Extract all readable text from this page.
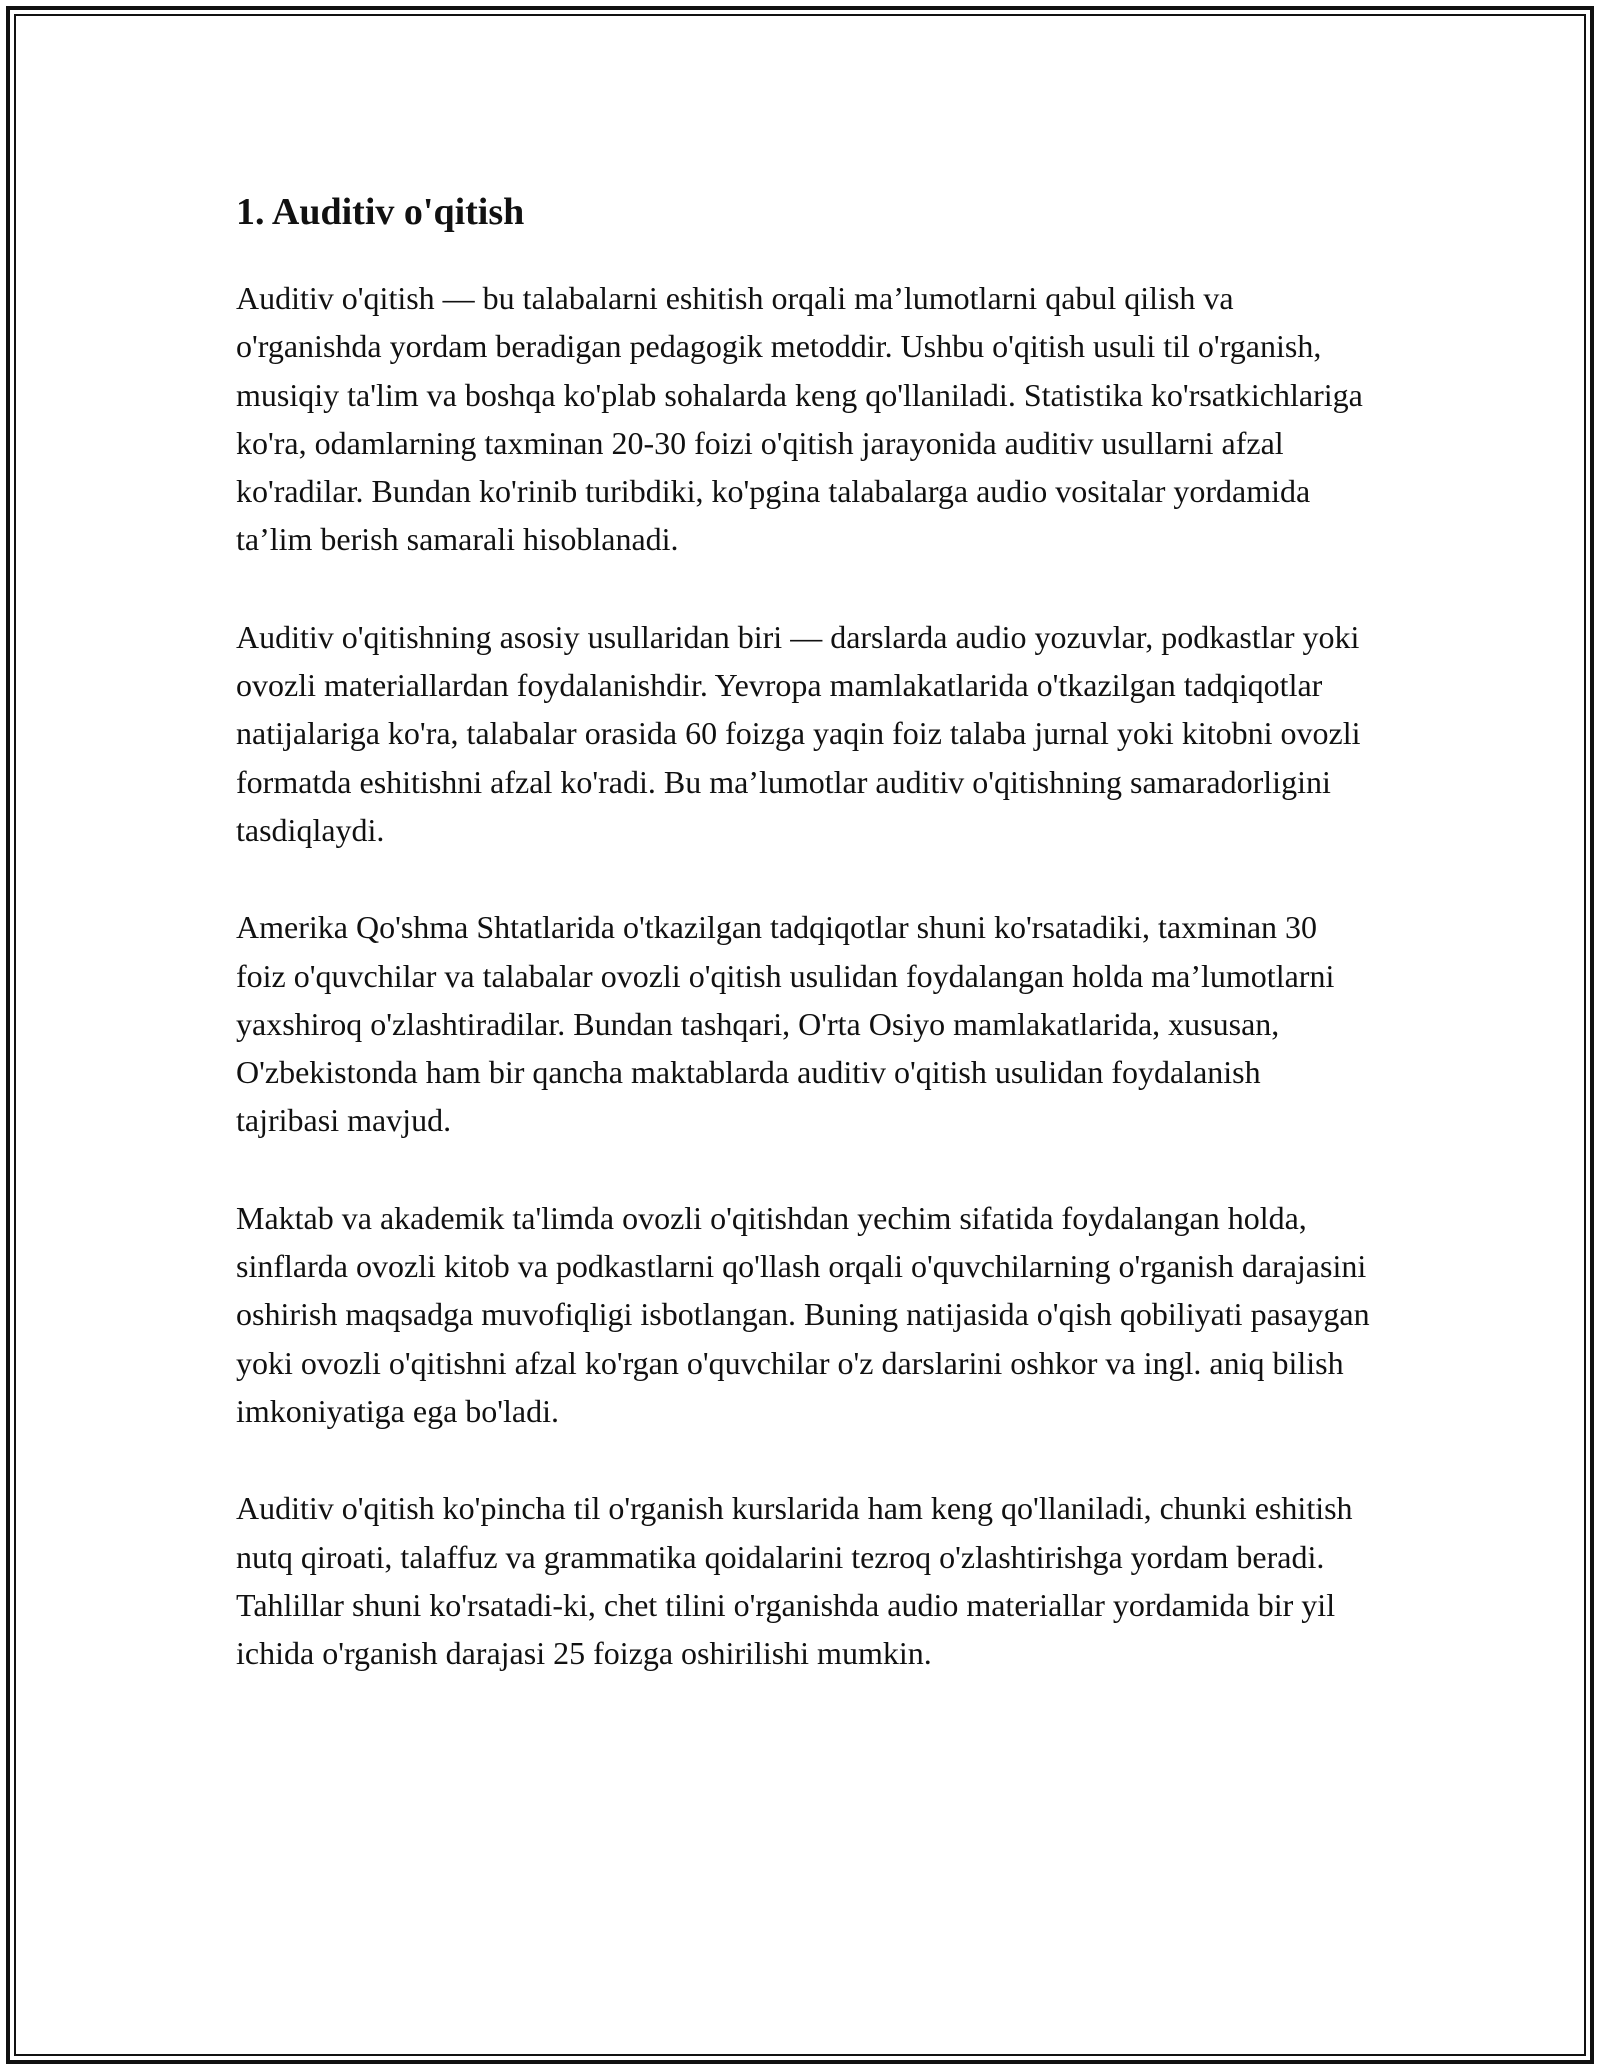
1. Auditiv o'qitish

Auditiv o'qitish — bu talabalarni eshitish orqali ma’lumotlarni qabul qilish va o'rganishda yordam beradigan pedagogik metoddir. Ushbu o'qitish usuli til o'rganish, musiqiy ta'lim va boshqa ko'plab sohalarda keng qo'llaniladi. Statistika ko'rsatkichlariga ko'ra, odamlarning taxminan 20-30 foizi o'qitish jarayonida auditiv usullarni afzal ko'radilar. Bundan ko'rinib turibdiki, ko'pgina talabalarga audio vositalar yordamida ta’lim berish samarali hisoblanadi.

Auditiv o'qitishning asosiy usullaridan biri — darslarda audio yozuvlar, podkastlar yoki ovozli materiallardan foydalanishdir. Yevropa mamlakatlarida o'tkazilgan tadqiqotlar natijalariga ko'ra, talabalar orasida 60 foizga yaqin foiz talaba jurnal yoki kitobni ovozli formatda eshitishni afzal ko'radi. Bu ma’lumotlar auditiv o'qitishning samaradorligini tasdiqlaydi.

Amerika Qo'shma Shtatlarida o'tkazilgan tadqiqotlar shuni ko'rsatadiki, taxminan 30 foiz o'quvchilar va talabalar ovozli o'qitish usulidan foydalangan holda ma’lumotlarni yaxshiroq o'zlashtiradilar. Bundan tashqari, O'rta Osiyo mamlakatlarida, xususan, O'zbekistonda ham bir qancha maktablarda auditiv o'qitish usulidan foydalanish tajribasi mavjud.

Maktab va akademik ta'limda ovozli o'qitishdan yechim sifatida foydalangan holda, sinflarda ovozli kitob va podkastlarni qo'llash orqali o'quvchilarning o'rganish darajasini oshirish maqsadga muvofiqligi isbotlangan. Buning natijasida o'qish qobiliyati pasaygan yoki ovozli o'qitishni afzal ko'rgan o'quvchilar o'z darslarini oshkor va ingl. aniq bilish imkoniyatiga ega bo'ladi.

Auditiv o'qitish ko'pincha til o'rganish kurslarida ham keng qo'llaniladi, chunki eshitish nutq qiroati, talaffuz va grammatika qoidalarini tezroq o'zlashtirishga yordam beradi. Tahlillar shuni ko'rsatadi-ki, chet tilini o'rganishda audio materiallar yordamida bir yil ichida o'rganish darajasi 25 foizga oshirilishi mumkin.
